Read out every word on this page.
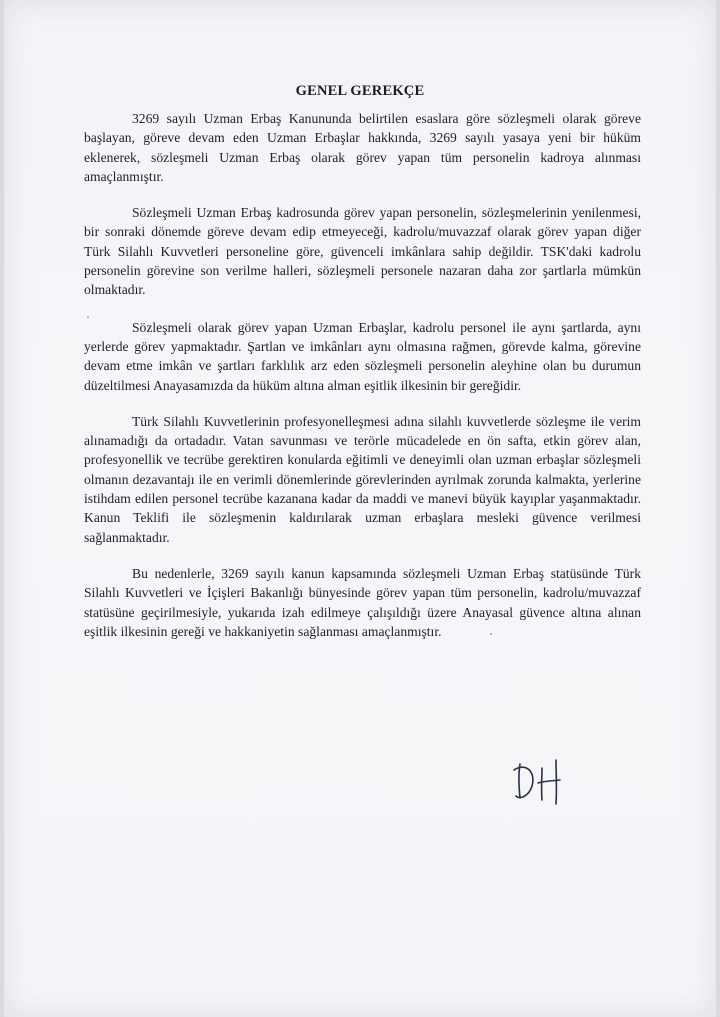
GENEL GEREKÇE

3269 sayılı Uzman Erbaş Kanununda belirtilen esaslara göre sözleşmeli olarak göreve başlayan, göreve devam eden Uzman Erbaşlar hakkında, 3269 sayılı yasaya yeni bir hüküm eklenerek, sözleşmeli Uzman Erbaş olarak görev yapan tüm personelin kadroya alınması amaçlanmıştır.

Sözleşmeli Uzman Erbaş kadrosunda görev yapan personelin, sözleşmelerinin yenilenmesi, bir sonraki dönemde göreve devam edip etmeyeceği, kadrolu/muvazzaf olarak görev yapan diğer Türk Silahlı Kuvvetleri personeline göre, güvenceli imkânlara sahip değildir. TSK'daki kadrolu personelin görevine son verilme halleri, sözleşmeli personele nazaran daha zor şartlarla mümkün olmaktadır.

Sözleşmeli olarak görev yapan Uzman Erbaşlar, kadrolu personel ile aynı şartlarda, aynı yerlerde görev yapmaktadır. Şartlan ve imkânları aynı olmasına rağmen, görevde kalma, görevine devam etme imkân ve şartları farklılık arz eden sözleşmeli personelin aleyhine olan bu durumun düzeltilmesi Anayasamızda da hüküm altına alman eşitlik ilkesinin bir gereğidir.

Türk Silahlı Kuvvetlerinin profesyonelleşmesi adına silahlı kuvvetlerde sözleşme ile verim alınamadığı da ortadadır. Vatan savunması ve terörle mücadelede en ön safta, etkin görev alan, profesyonellik ve tecrübe gerektiren konularda eğitimli ve deneyimli olan uzman erbaşlar sözleşmeli olmanın dezavantajı ile en verimli dönemlerinde görevlerinden ayrılmak zorunda kalmakta, yerlerine istihdam edilen personel tecrübe kazanana kadar da maddi ve manevi büyük kayıplar yaşanmaktadır. Kanun Teklifi ile sözleşmenin kaldırılarak uzman erbaşlara mesleki güvence verilmesi sağlanmaktadır.

Bu nedenlerle, 3269 sayılı kanun kapsamında sözleşmeli Uzman Erbaş statüsünde Türk Silahlı Kuvvetleri ve İçişleri Bakanlığı bünyesinde görev yapan tüm personelin, kadrolu/muvazzaf statüsüne geçirilmesiyle, yukarıda izah edilmeye çalışıldığı üzere Anayasal güvence altına alınan eşitlik ilkesinin gereği ve hakkaniyetin sağlanması amaçlanmıştır.
